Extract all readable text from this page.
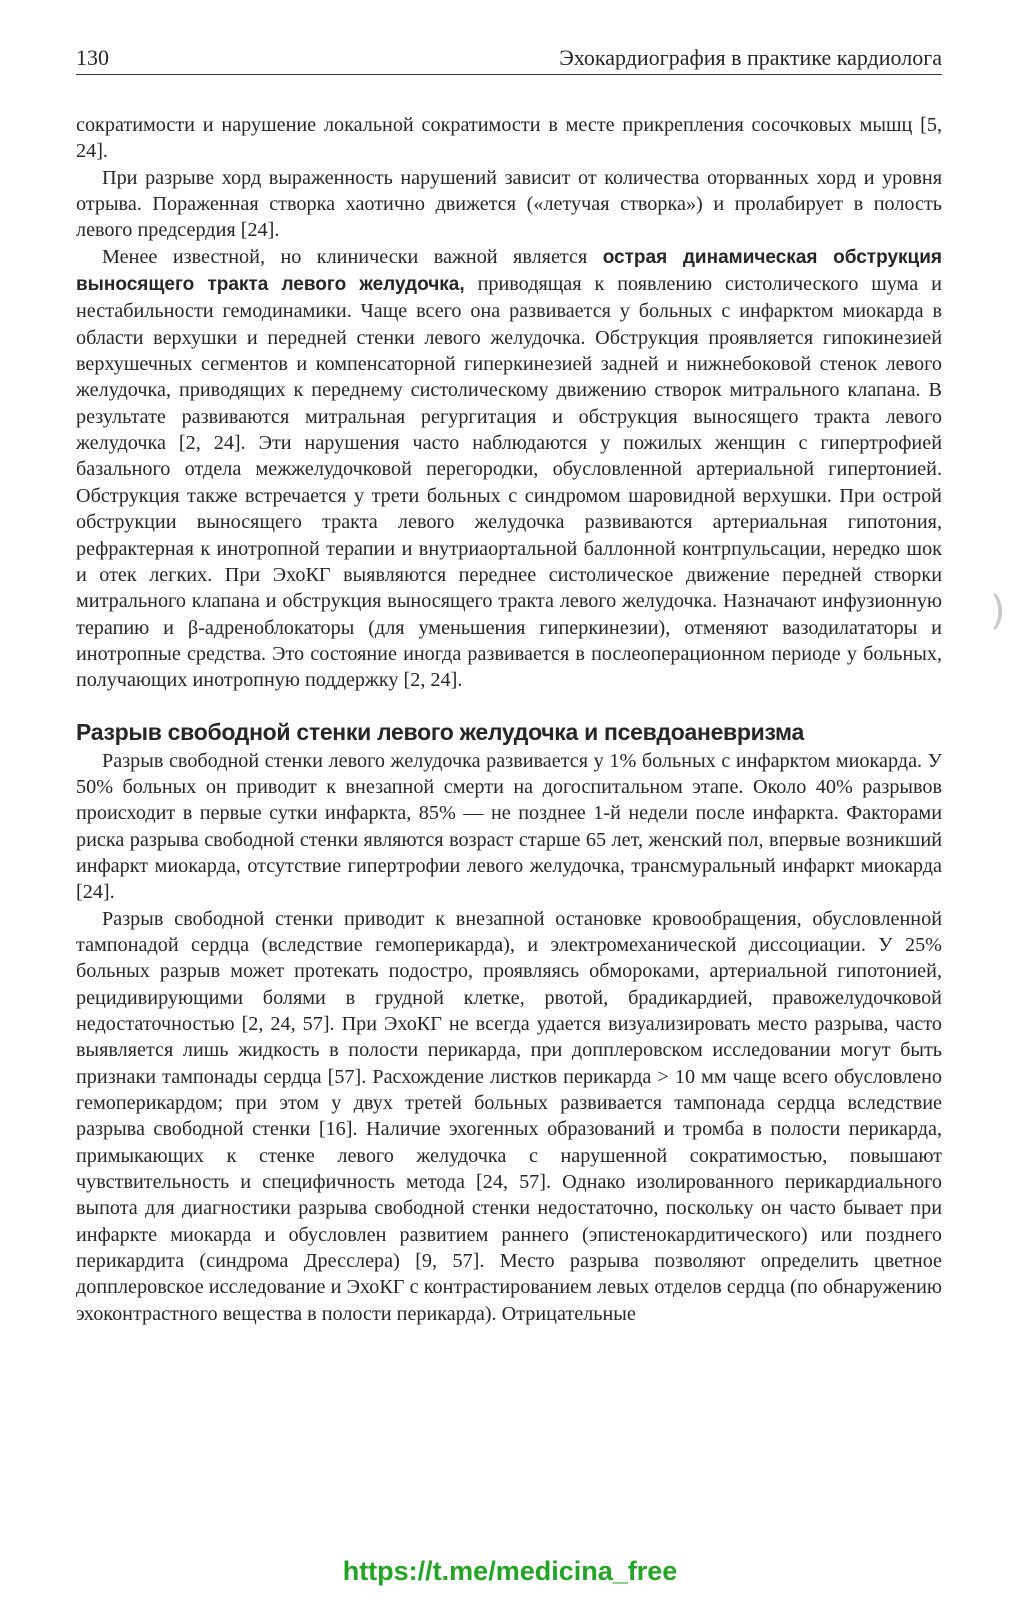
130	Эхокардиография в практике кардиолога

сократимости и нарушение локальной сократимости в месте прикрепления сосочковых мышц [5, 24].

При разрыве хорд выраженность нарушений зависит от количества оторванных хорд и уровня отрыва. Пораженная створка хаотично движется («летучая створка») и пролабирует в полость левого предсердия [24].

Менее известной, но клинически важной является острая динамическая обструкция выносящего тракта левого желудочка, приводящая к появлению систолического шума и нестабильности гемодинамики. Чаще всего она развивается у больных с инфарктом миокарда в области верхушки и передней стенки левого желудочка. Обструкция проявляется гипокинезией верхушечных сегментов и компенсаторной гиперкинезией задней и нижнебоковой стенок левого желудочка, приводящих к переднему систолическому движению створок митрального клапана. В результате развиваются митральная регургитация и обструкция выносящего тракта левого желудочка [2, 24]. Эти нарушения часто наблюдаются у пожилых женщин с гипертрофией базального отдела межжелудочковой перегородки, обусловленной артериальной гипертонией. Обструкция также встречается у трети больных с синдромом шаровидной верхушки. При острой обструкции выносящего тракта левого желудочка развиваются артериальная гипотония, рефрактерная к инотропной терапии и внутриаортальной баллонной контрпульсации, нередко шок и отек легких. При ЭхоКГ выявляются переднее систолическое движение передней створки митрального клапана и обструкция выносящего тракта левого желудочка. Назначают инфузионную терапию и β-адреноблокаторы (для уменьшения гиперкинезии), отменяют вазодилататоры и инотропные средства. Это состояние иногда развивается в послеоперационном периоде у больных, получающих инотропную поддержку [2, 24].

Разрыв свободной стенки левого желудочка и псевдоаневризма

Разрыв свободной стенки левого желудочка развивается у 1% больных с инфарктом миокарда. У 50% больных он приводит к внезапной смерти на догоспитальном этапе. Около 40% разрывов происходит в первые сутки инфаркта, 85% — не позднее 1-й недели после инфаркта. Факторами риска разрыва свободной стенки являются возраст старше 65 лет, женский пол, впервые возникший инфаркт миокарда, отсутствие гипертрофии левого желудочка, трансмуральный инфаркт миокарда [24].

Разрыв свободной стенки приводит к внезапной остановке кровообращения, обусловленной тампонадой сердца (вследствие гемоперикарда), и электромеханической диссоциации. У 25% больных разрыв может протекать подостро, проявляясь обмороками, артериальной гипотонией, рецидивирующими болями в грудной клетке, рвотой, брадикардией, правожелудочковой недостаточностью [2, 24, 57]. При ЭхоКГ не всегда удается визуализировать место разрыва, часто выявляется лишь жидкость в полости перикарда, при допплеровском исследовании могут быть признаки тампонады сердца [57]. Расхождение листков перикарда > 10 мм чаще всего обусловлено гемоперикардом; при этом у двух третей больных развивается тампонада сердца вследствие разрыва свободной стенки [16]. Наличие эхогенных образований и тромба в полости перикарда, примыкающих к стенке левого желудочка с нарушенной сократимостью, повышают чувствительность и специфичность метода [24, 57]. Однако изолированного перикардиального выпота для диагностики разрыва свободной стенки недостаточно, поскольку он часто бывает при инфаркте миокарда и обусловлен развитием раннего (эпистенокардитического) или позднего перикардита (синдрома Дресслера) [9, 57]. Место разрыва позволяют определить цветное допплеровское исследование и ЭхоКГ с контрастированием левых отделов сердца (по обнаружению эхоконтрастного вещества в полости перикарда). Отрицательные

)
https://t.me/medicina_free
